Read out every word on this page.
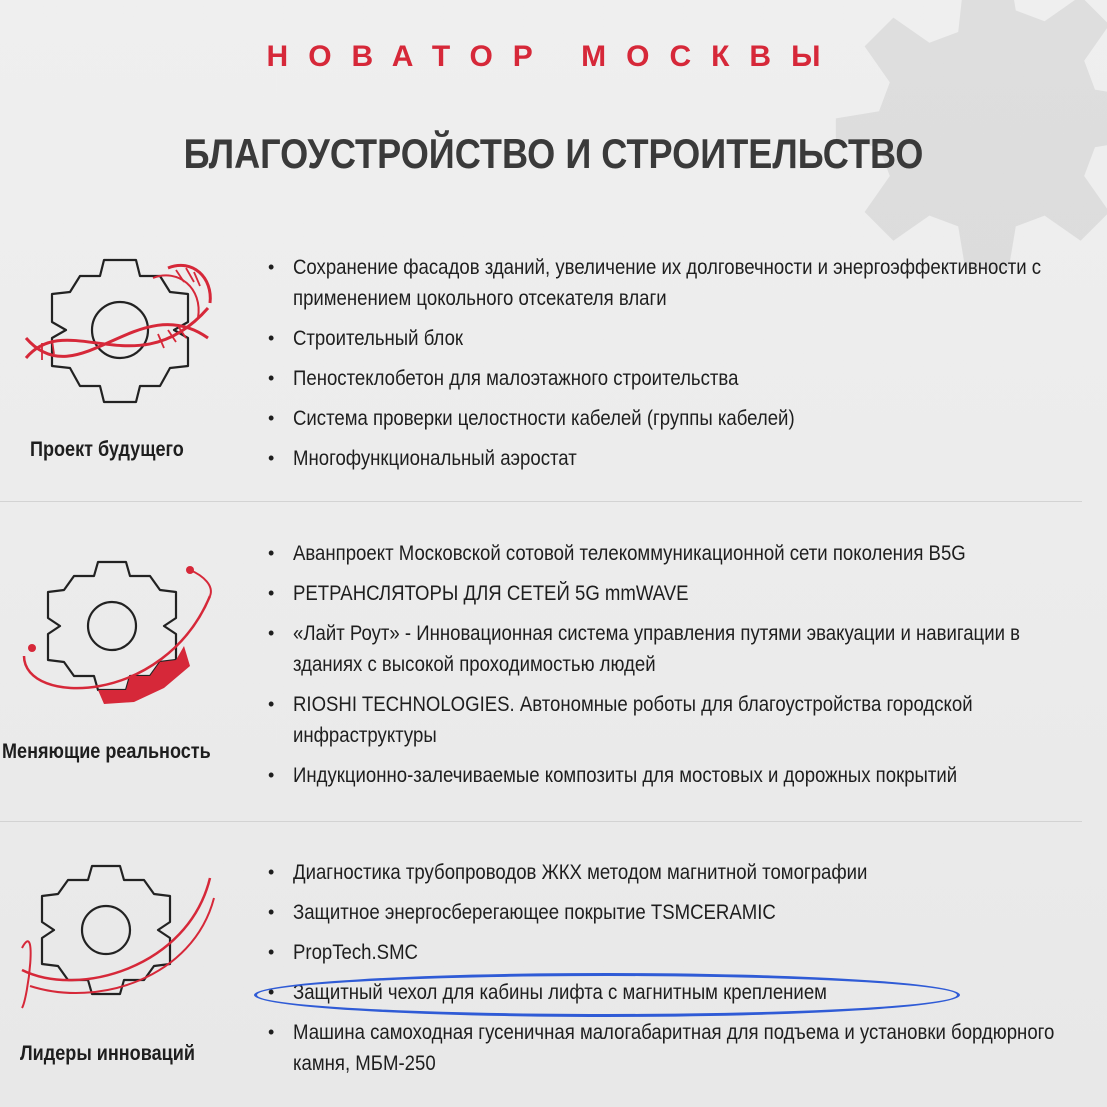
НОВАТОР МОСКВЫ
БЛАГОУСТРОЙСТВО И СТРОИТЕЛЬСТВО
Проект будущего
• Сохранение фасадов зданий, увеличение их долговечности и энергоэффективности с применением цокольного отсекателя влаги
• Строительный блок
• Пеностеклобетон для малоэтажного строительства
• Система проверки целостности кабелей (группы кабелей)
• Многофункциональный аэростат
Меняющие реальность
• Аванпроект Московской сотовой телекоммуникационной сети поколения B5G
• РЕТРАНСЛЯТОРЫ ДЛЯ СЕТЕЙ 5G mmWAVE
• «Лайт Роут» - Инновационная система управления путями эвакуации и навигации в зданиях с высокой проходимостью людей
• RIOSHI TECHNOLOGIES. Автономные роботы для благоустройства городской инфраструктуры
• Индукционно-залечиваемые композиты для мостовых и дорожных покрытий
Лидеры инноваций
• Диагностика трубопроводов ЖКХ методом магнитной томографии
• Защитное энергосберегающее покрытие TSMCERAMIC
• PropTech.SMC
• Защитный чехол для кабины лифта с магнитным креплением
• Машина самоходная гусеничная малогабаритная для подъема и установки бордюрного камня, МБМ-250
